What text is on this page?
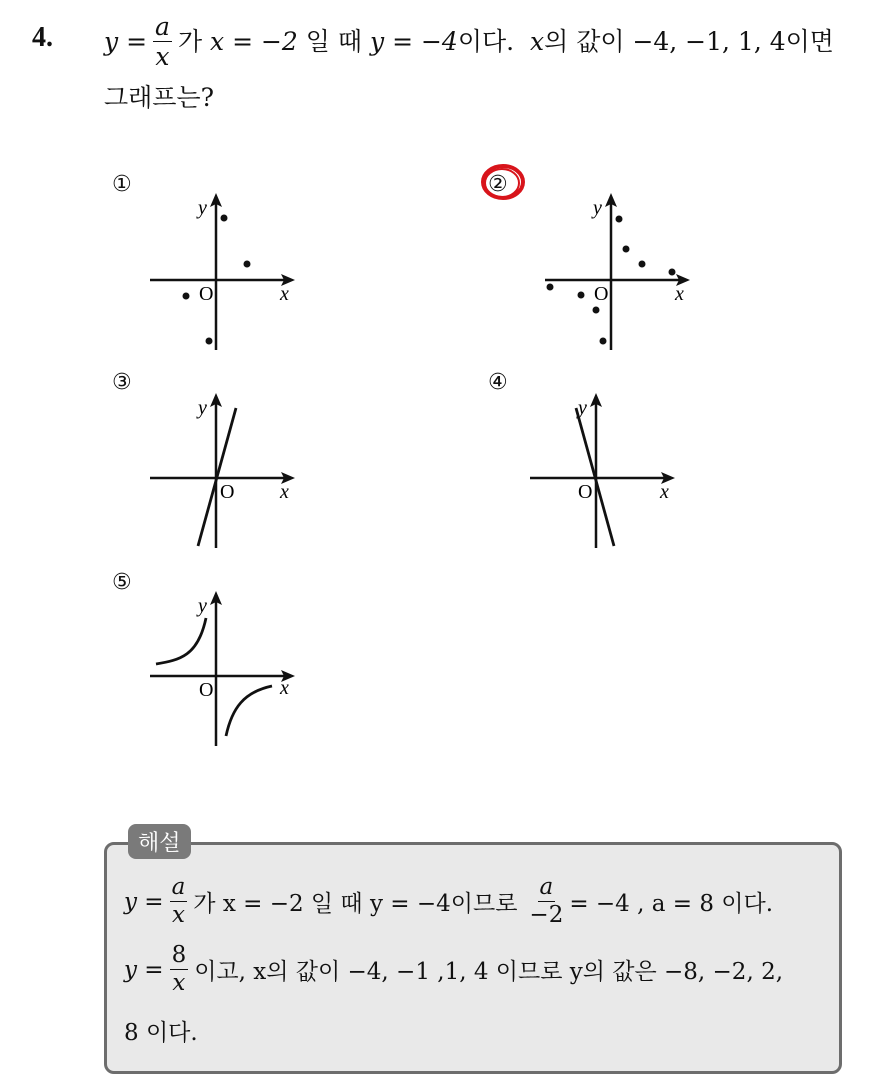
4. $y = \frac{a}{x}$ 가
x = −2
일 때
y = −4 이다.
x 의 값이 −4, −1, 1, 4이면
그래프는?
①	②
③	④
⑤
y
x
O
y
x
O
y
x
O
y
x
O
y
x
O
해설
$y = \frac{a}{x}$ 가 x = −2 일 때 y = −4이므로 $\frac{a}{-2} = -4$ , a = 8 이다.
$y = \frac{8}{x}$ 이고, x의 값이 −4, −1 ,1, 4 이므로 y의 값은 −8, −2, 2,
8 이다.
